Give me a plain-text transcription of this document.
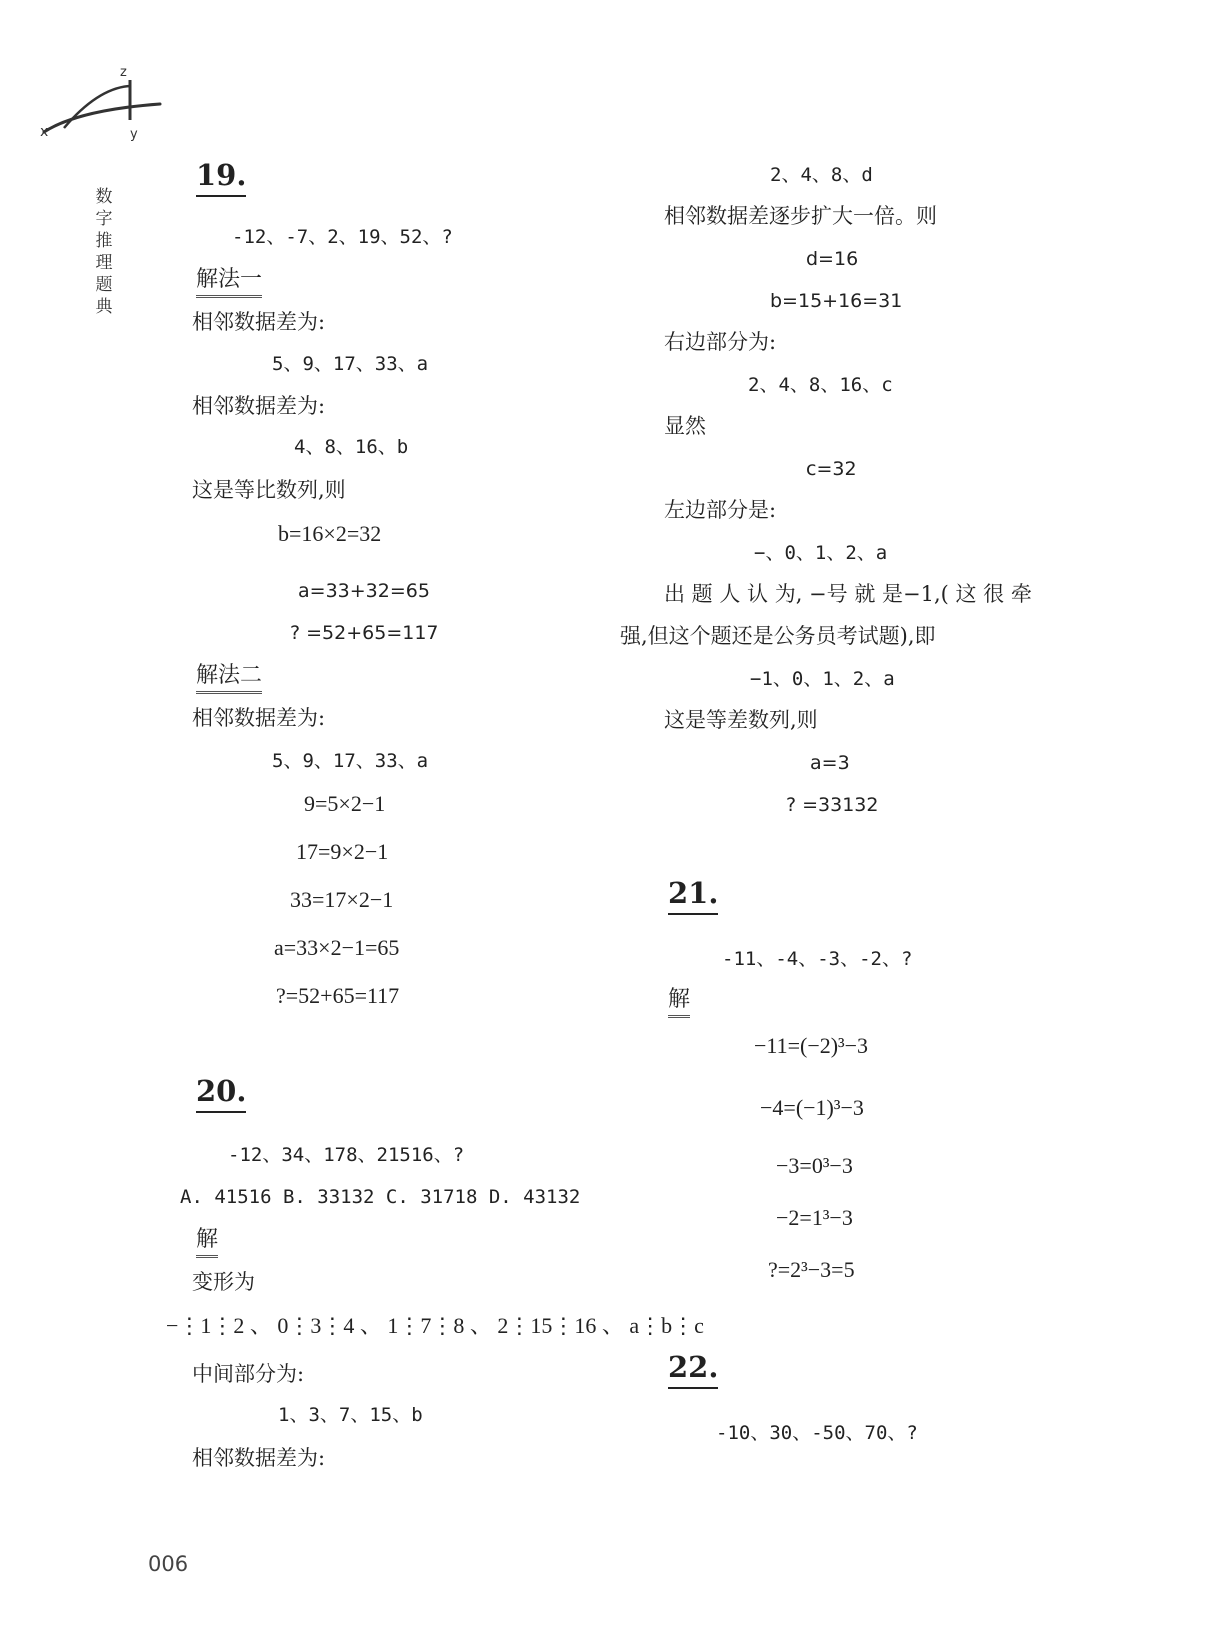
x
z
y
数字推理题典
19.
-12、-7、2、19、52、?
解法一
相邻数据差为:
5、9、17、33、a
相邻数据差为:
4、8、16、b
这是等比数列,则
b=16×2=32
a=33+32=65
? =52+65=117
解法二
相邻数据差为:
5、9、17、33、a
9=5×2−1
17=9×2−1
33=17×2−1
a=33×2−1=65
?=52+65=117
20.
-12、34、178、21516、?
A. 41516 B. 33132 C. 31718 D. 43132
解
变形为
−⋮1⋮2 、 0⋮3⋮4 、 1⋮7⋮8 、 2⋮15⋮16 、 a⋮b⋮c
中间部分为:
1、3、7、15、b
相邻数据差为:
2、4、8、d
相邻数据差逐步扩大一倍。则
d=16
b=15+16=31
右边部分为:
2、4、8、16、c
显然
c=32
左边部分是:
−、0、1、2、a
出 题 人 认 为, −号 就 是−1,( 这 很 牵
强,但这个题还是公务员考试题),即
−1、0、1、2、a
这是等差数列,则
a=3
? =33132
21.
-11、-4、-3、-2、?
解
−11=(−2)³−3
−4=(−1)³−3
−3=0³−3
−2=1³−3
?=2³−3=5
22.
-10、30、-50、70、?
006
